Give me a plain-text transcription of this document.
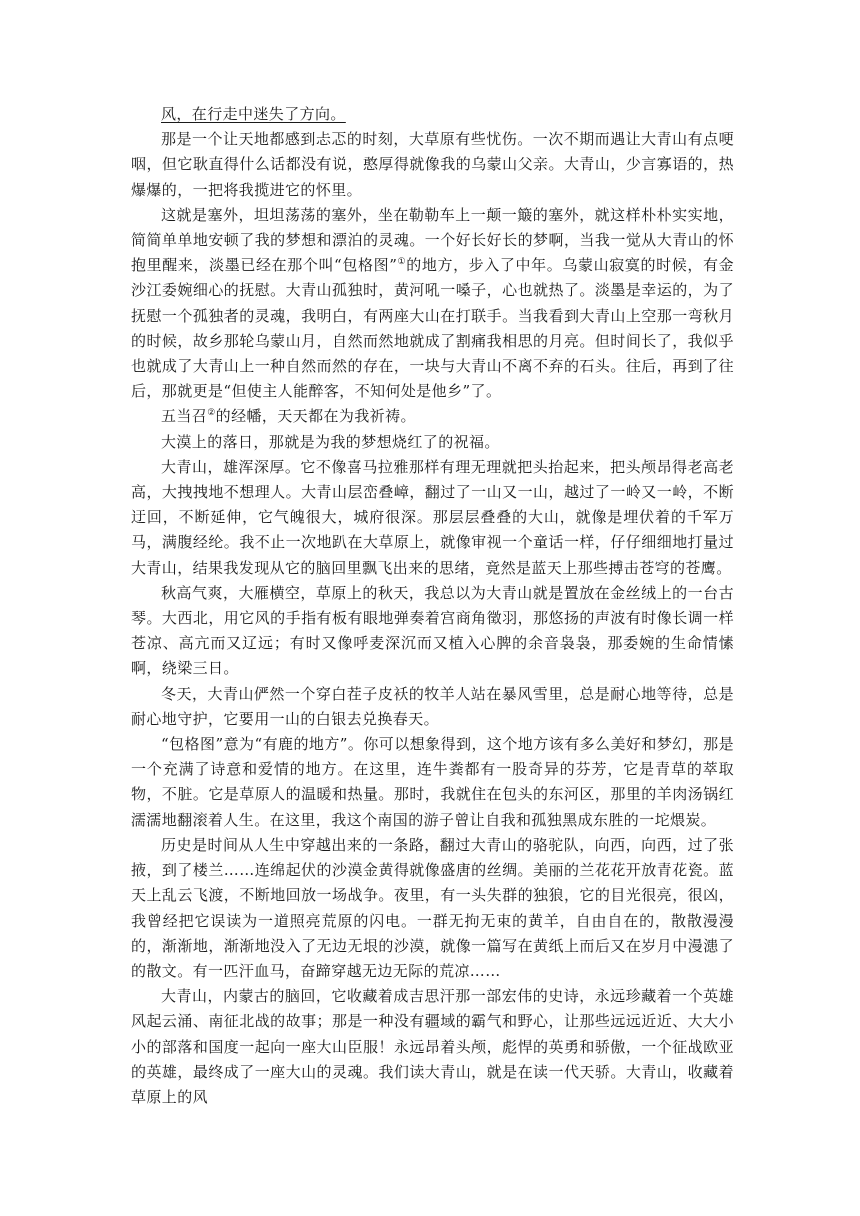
风，在行走中迷失了方向。

那是一个让天地都感到忐忑的时刻，大草原有些忧伤。一次不期而遇让大青山有点哽咽，但它耿直得什么话都没有说，憨厚得就像我的乌蒙山父亲。大青山，少言寡语的，热爆爆的，一把将我揽进它的怀里。

这就是塞外，坦坦荡荡的塞外，坐在勒勒车上一颠一簸的塞外，就这样朴朴实实地，简简单单地安顿了我的梦想和漂泊的灵魂。一个好长好长的梦啊，当我一觉从大青山的怀抱里醒来，淡墨已经在那个叫“包格图”①的地方，步入了中年。乌蒙山寂寞的时候，有金沙江委婉细心的抚慰。大青山孤独时，黄河吼一嗓子，心也就热了。淡墨是幸运的，为了抚慰一个孤独者的灵魂，我明白，有两座大山在打联手。当我看到大青山上空那一弯秋月的时候，故乡那轮乌蒙山月，自然而然地就成了割痛我相思的月亮。但时间长了，我似乎也就成了大青山上一种自然而然的存在，一块与大青山不离不弃的石头。往后，再到了往后，那就更是“但使主人能醉客，不知何处是他乡”了。

五当召②的经幡，天天都在为我祈祷。

大漠上的落日，那就是为我的梦想烧红了的祝福。

大青山，雄浑深厚。它不像喜马拉雅那样有理无理就把头抬起来，把头颅昂得老高老高，大拽拽地不想理人。大青山层峦叠嶂，翻过了一山又一山，越过了一岭又一岭，不断迂回，不断延伸，它气魄很大，城府很深。那层层叠叠的大山，就像是埋伏着的千军万马，满腹经纶。我不止一次地趴在大草原上，就像审视一个童话一样，仔仔细细地打量过大青山，结果我发现从它的脑回里飘飞出来的思绪，竟然是蓝天上那些搏击苍穹的苍鹰。

秋高气爽，大雁横空，草原上的秋天，我总以为大青山就是置放在金丝绒上的一台古琴。大西北，用它风的手指有板有眼地弹奏着宫商角徵羽，那悠扬的声波有时像长调一样苍凉、高亢而又辽远；有时又像呼麦深沉而又植入心脾的余音袅袅，那委婉的生命情愫啊，绕梁三日。

冬天，大青山俨然一个穿白茬子皮袄的牧羊人站在暴风雪里，总是耐心地等待，总是耐心地守护，它要用一山的白银去兑换春天。

“包格图”意为“有鹿的地方”。你可以想象得到，这个地方该有多么美好和梦幻，那是一个充满了诗意和爱情的地方。在这里，连牛粪都有一股奇异的芬芳，它是青草的萃取物，不脏。它是草原人的温暖和热量。那时，我就住在包头的东河区，那里的羊肉汤锅红濡濡地翻滚着人生。在这里，我这个南国的游子曾让自我和孤独黑成东胜的一坨煨炭。

历史是时间从人生中穿越出来的一条路，翻过大青山的骆驼队，向西，向西，过了张掖，到了楼兰……连绵起伏的沙漠金黄得就像盛唐的丝绸。美丽的兰花花开放青花瓷。蓝天上乱云飞渡，不断地回放一场战争。夜里，有一头失群的独狼，它的目光很亮，很凶，我曾经把它误读为一道照亮荒原的闪电。一群无拘无束的黄羊，自由自在的，散散漫漫的，渐渐地，渐渐地没入了无边无垠的沙漠，就像一篇写在黄纸上而后又在岁月中漫漶了的散文。有一匹汗血马，奋蹄穿越无边无际的荒凉……

大青山，内蒙古的脑回，它收藏着成吉思汗那一部宏伟的史诗，永远珍藏着一个英雄风起云涌、南征北战的故事；那是一种没有疆域的霸气和野心，让那些远远近近、大大小小的部落和国度一起向一座大山臣服！永远昂着头颅，彪悍的英勇和骄傲，一个征战欧亚的英雄，最终成了一座大山的灵魂。我们读大青山，就是在读一代天骄。大青山，收藏着草原上的风
